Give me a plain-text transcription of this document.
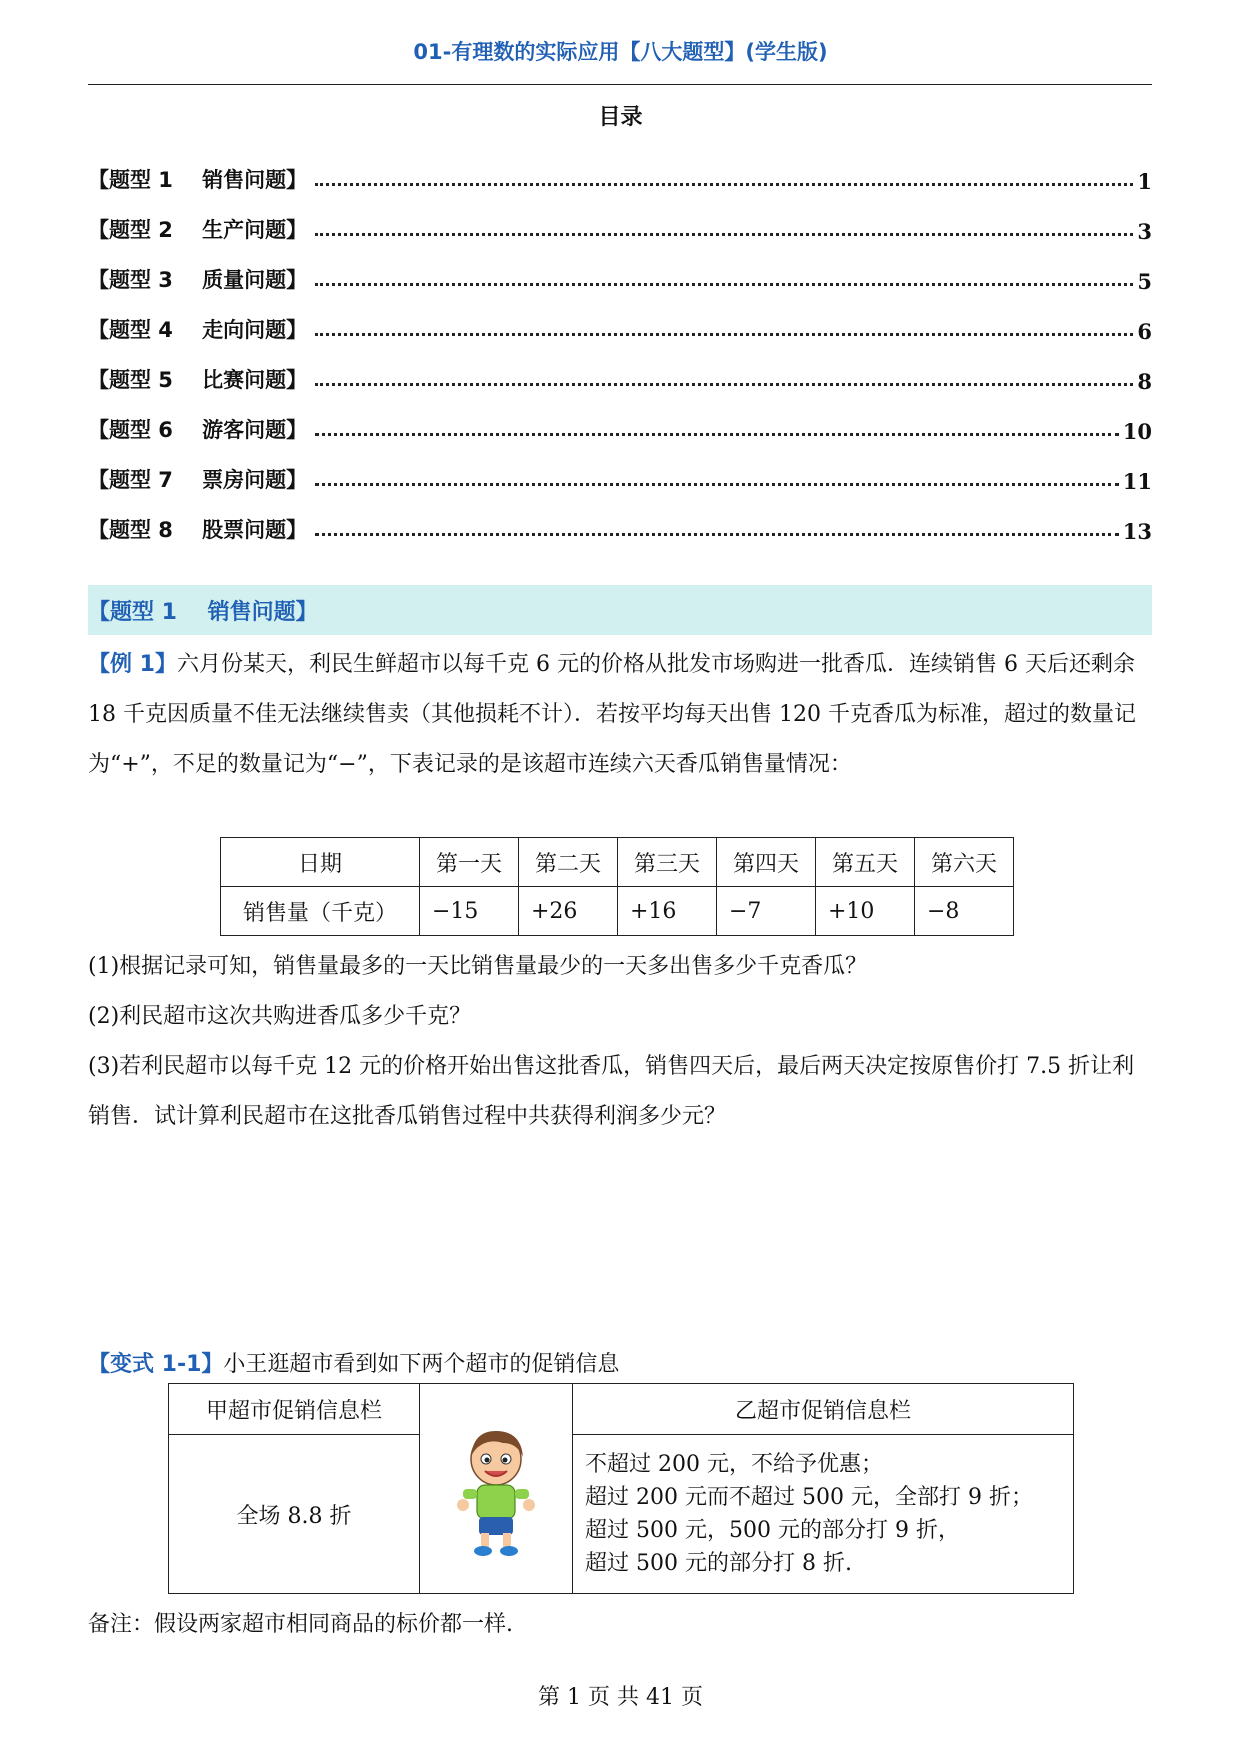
01-有理数的实际应用【八大题型】(学生版)
目录
【题型 1    销售问题】	1
【题型 2    生产问题】	3
【题型 3    质量问题】	5
【题型 4    走向问题】	6
【题型 5    比赛问题】	8
【题型 6    游客问题】	10
【题型 7    票房问题】	11
【题型 8    股票问题】	13
【题型 1    销售问题】
【例 1】六月份某天，利民生鲜超市以每千克 6 元的价格从批发市场购进一批香瓜．连续销售 6 天后还剩余 18 千克因质量不佳无法继续售卖（其他损耗不计）．若按平均每天出售 120 千克香瓜为标准，超过的数量记为“+”，不足的数量记为“−”，下表记录的是该超市连续六天香瓜销售量情况：
日期	第一天	第二天	第三天	第四天	第五天	第六天
销售量（千克）	−15	+26	+16	−7	+10	−8
(1)根据记录可知，销售量最多的一天比销售量最少的一天多出售多少千克香瓜？
(2)利民超市这次共购进香瓜多少千克？
(3)若利民超市以每千克 12 元的价格开始出售这批香瓜，销售四天后，最后两天决定按原售价打 7.5 折让利销售．试计算利民超市在这批香瓜销售过程中共获得利润多少元？
【变式 1-1】小王逛超市看到如下两个超市的促销信息
甲超市促销信息栏		乙超市促销信息栏
全场 8.8 折		不超过 200 元，不给予优惠；
超过 200 元而不超过 500 元，全部打 9 折；
超过 500 元，500 元的部分打 9 折，
超过 500 元的部分打 8 折.
备注：假设两家超市相同商品的标价都一样.
第 1 页 共 41 页
